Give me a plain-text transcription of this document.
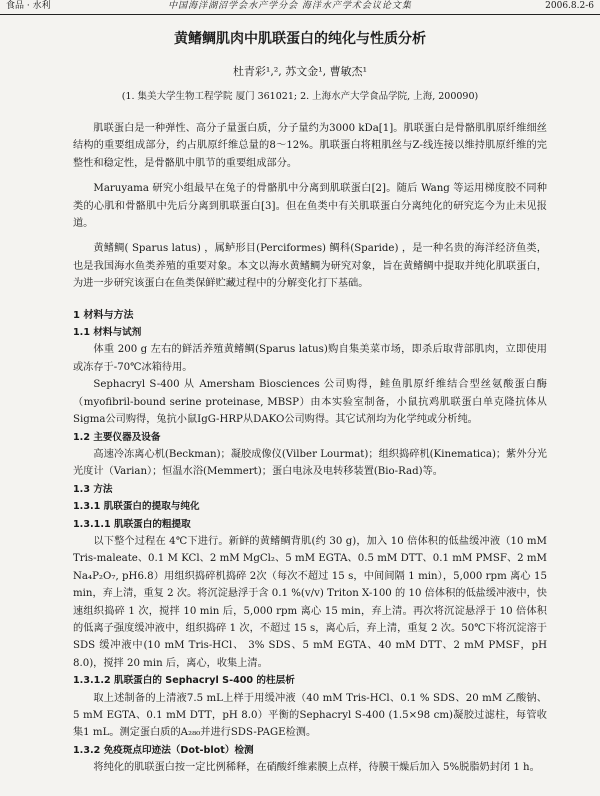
食品 · 水利	中国海洋湖沼学会水产学分会 海洋水产学术会议论文集	2006.8.2-6
黄鳍鲷肌肉中肌联蛋白的纯化与性质分析
杜青彩¹,², 苏文金¹, 曹敏杰¹
(1. 集美大学生物工程学院 厦门 361021; 2. 上海水产大学食品学院, 上海, 200090)

肌联蛋白是一种弹性、高分子量蛋白质，分子量约为3000 kDa[1]。肌联蛋白是骨骼肌肌原纤维细丝结构的重要组成部分，约占肌原纤维总量的8～12%。肌联蛋白将粗肌丝与Z-线连接以维持肌原纤维的完整性和稳定性，是骨骼肌中肌节的重要组成部分。

Maruyama 研究小组最早在兔子的骨骼肌中分离到肌联蛋白[2]。随后 Wang 等运用梯度胶不同种类的心肌和骨骼肌中先后分离到肌联蛋白[3]。但在鱼类中有关肌联蛋白分离纯化的研究迄今为止未见报道。

黄鳍鲷( Sparus latus) ，属鲈形目(Perciformes) 鲷科(Sparide) ，是一种名贵的海洋经济鱼类，也是我国海水鱼类养殖的重要对象。本文以海水黄鳍鲷为研究对象，旨在黄鳍鲷中提取并纯化肌联蛋白，为进一步研究该蛋白在鱼类保鲜贮藏过程中的分解变化打下基础。

1 材料与方法

1.1 材料与试剂

体重 200 g 左右的鲜活养殖黄鳍鲷(Sparus latus)购自集美菜市场，即杀后取背部肌肉，立即使用或冻存于-70℃冰箱待用。

Sephacryl S-400 从 Amersham Biosciences 公司购得，鲑鱼肌原纤维结合型丝氨酸蛋白酶（myofibril-bound serine proteinase, MBSP）由本实验室制备，小鼠抗鸡肌联蛋白单克隆抗体从Sigma公司购得，兔抗小鼠IgG-HRP从DAKO公司购得。其它试剂均为化学纯或分析纯。

1.2 主要仪器及设备

高速冷冻离心机(Beckman)；凝胶成像仪(Vilber Lourmat)；组织捣碎机(Kinematica)；紫外分光光度计（Varian）；恒温水浴(Memmert)；蛋白电泳及电转移装置(Bio-Rad)等。

1.3 方法

1.3.1 肌联蛋白的提取与纯化

1.3.1.1 肌联蛋白的粗提取

以下整个过程在 4℃下进行。新鲜的黄鳍鲷背肌(约 30 g)，加入 10 倍体积的低盐缓冲液（10 mM Tris-maleate、0.1 M KCl、2 mM MgCl₂、5 mM EGTA、0.5 mM DTT、0.1 mM PMSF、2 mM Na₄P₂O₇, pH6.8）用组织捣碎机捣碎 2次（每次不超过 15 s，中间间隔 1 min），5,000 rpm 离心 15 min，弃上清，重复 2 次。将沉淀悬浮于含 0.1 %(v/v) Triton X-100 的 10 倍体积的低盐缓冲液中，快速组织捣碎 1 次，搅拌 10 min 后，5,000 rpm 离心 15 min，弃上清。再次将沉淀悬浮于 10 倍体积的低离子强度缓冲液中，组织捣碎 1 次，不超过 15 s，离心后，弃上清，重复 2 次。50℃下将沉淀溶于 SDS 缓冲液中(10 mM Tris-HCl、 3% SDS、5 mM EGTA、40 mM DTT、2 mM PMSF，pH 8.0)，搅拌 20 min 后，离心，收集上清。

1.3.1.2 肌联蛋白的 Sephacryl S-400 的柱层析

取上述制备的上清液7.5 mL上样于用缓冲液（40 mM Tris-HCl、0.1 % SDS、20 mM 乙酸钠、5 mM EGTA、0.1 mM DTT，pH 8.0）平衡的Sephacryl S-400 (1.5×98 cm)凝胶过滤柱，每管收集1 mL。测定蛋白质的A₂₈₀并进行SDS-PAGE检测。

1.3.2 免疫斑点印迹法（Dot-blot）检测

将纯化的肌联蛋白按一定比例稀释，在硝酸纤维素膜上点样，待膜干燥后加入 5%脱脂奶封闭 1 h。
